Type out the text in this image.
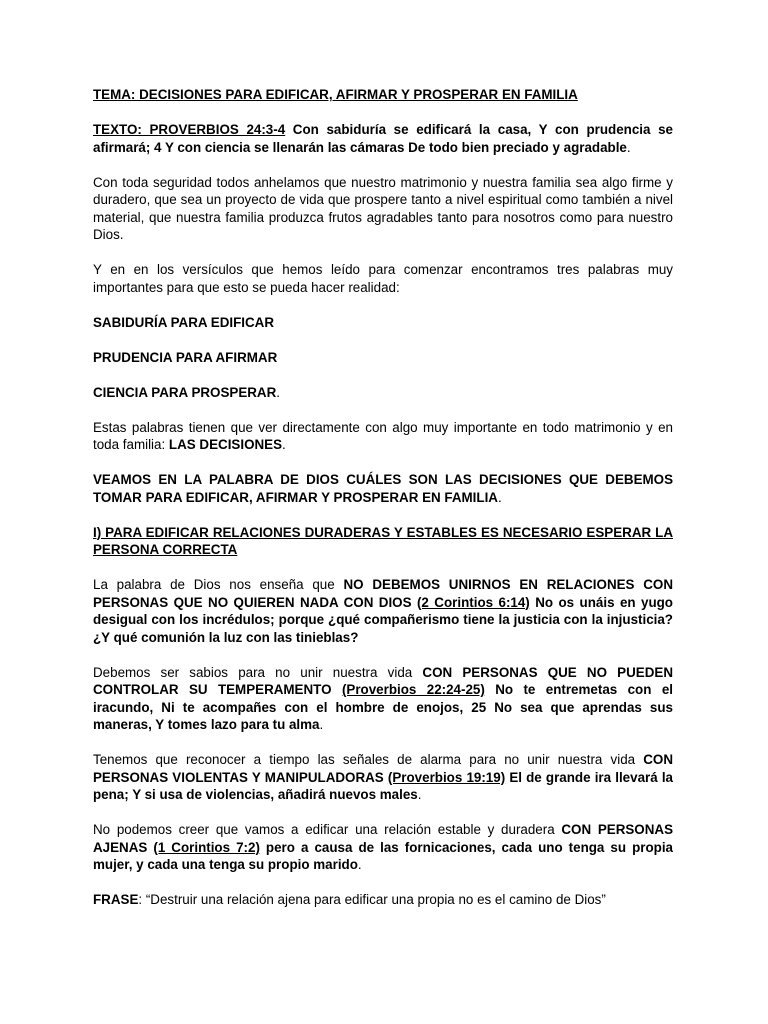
TEMA: DECISIONES PARA EDIFICAR, AFIRMAR Y PROSPERAR EN FAMILIA

TEXTO: PROVERBIOS 24:3-4 Con sabiduría se edificará la casa, Y con prudencia se afirmará; 4 Y con ciencia se llenarán las cámaras De todo bien preciado y agradable.

Con toda seguridad todos anhelamos que nuestro matrimonio y nuestra familia sea algo firme y duradero, que sea un proyecto de vida que prospere tanto a nivel espiritual como también a nivel material, que nuestra familia produzca frutos agradables tanto para nosotros como para nuestro Dios.

Y en en los versículos que hemos leído para comenzar encontramos tres palabras muy importantes para que esto se pueda hacer realidad:

SABIDURÍA PARA EDIFICAR

PRUDENCIA PARA AFIRMAR

CIENCIA PARA PROSPERAR.

Estas palabras tienen que ver directamente con algo muy importante en todo matrimonio y en toda familia: LAS DECISIONES.

VEAMOS EN LA PALABRA DE DIOS CUÁLES SON LAS DECISIONES QUE DEBEMOS TOMAR PARA EDIFICAR, AFIRMAR Y PROSPERAR EN FAMILIA.

I) PARA EDIFICAR RELACIONES DURADERAS Y ESTABLES ES NECESARIO ESPERAR LA PERSONA CORRECTA

La palabra de Dios nos enseña que NO DEBEMOS UNIRNOS EN RELACIONES CON PERSONAS QUE NO QUIEREN NADA CON DIOS (2 Corintios 6:14) No os unáis en yugo desigual con los incrédulos; porque ¿qué compañerismo tiene la justicia con la injusticia? ¿Y qué comunión la luz con las tinieblas?

Debemos ser sabios para no unir nuestra vida CON PERSONAS QUE NO PUEDEN CONTROLAR SU TEMPERAMENTO (Proverbios 22:24-25) No te entremetas con el iracundo, Ni te acompañes con el hombre de enojos, 25 No sea que aprendas sus maneras, Y tomes lazo para tu alma.

Tenemos que reconocer a tiempo las señales de alarma para no unir nuestra vida CON PERSONAS VIOLENTAS Y MANIPULADORAS (Proverbios 19:19) El de grande ira llevará la pena; Y si usa de violencias, añadirá nuevos males.

No podemos creer que vamos a edificar una relación estable y duradera CON PERSONAS AJENAS (1 Corintios 7:2) pero a causa de las fornicaciones, cada uno tenga su propia mujer, y cada una tenga su propio marido.

FRASE: “Destruir una relación ajena para edificar una propia no es el camino de Dios”
